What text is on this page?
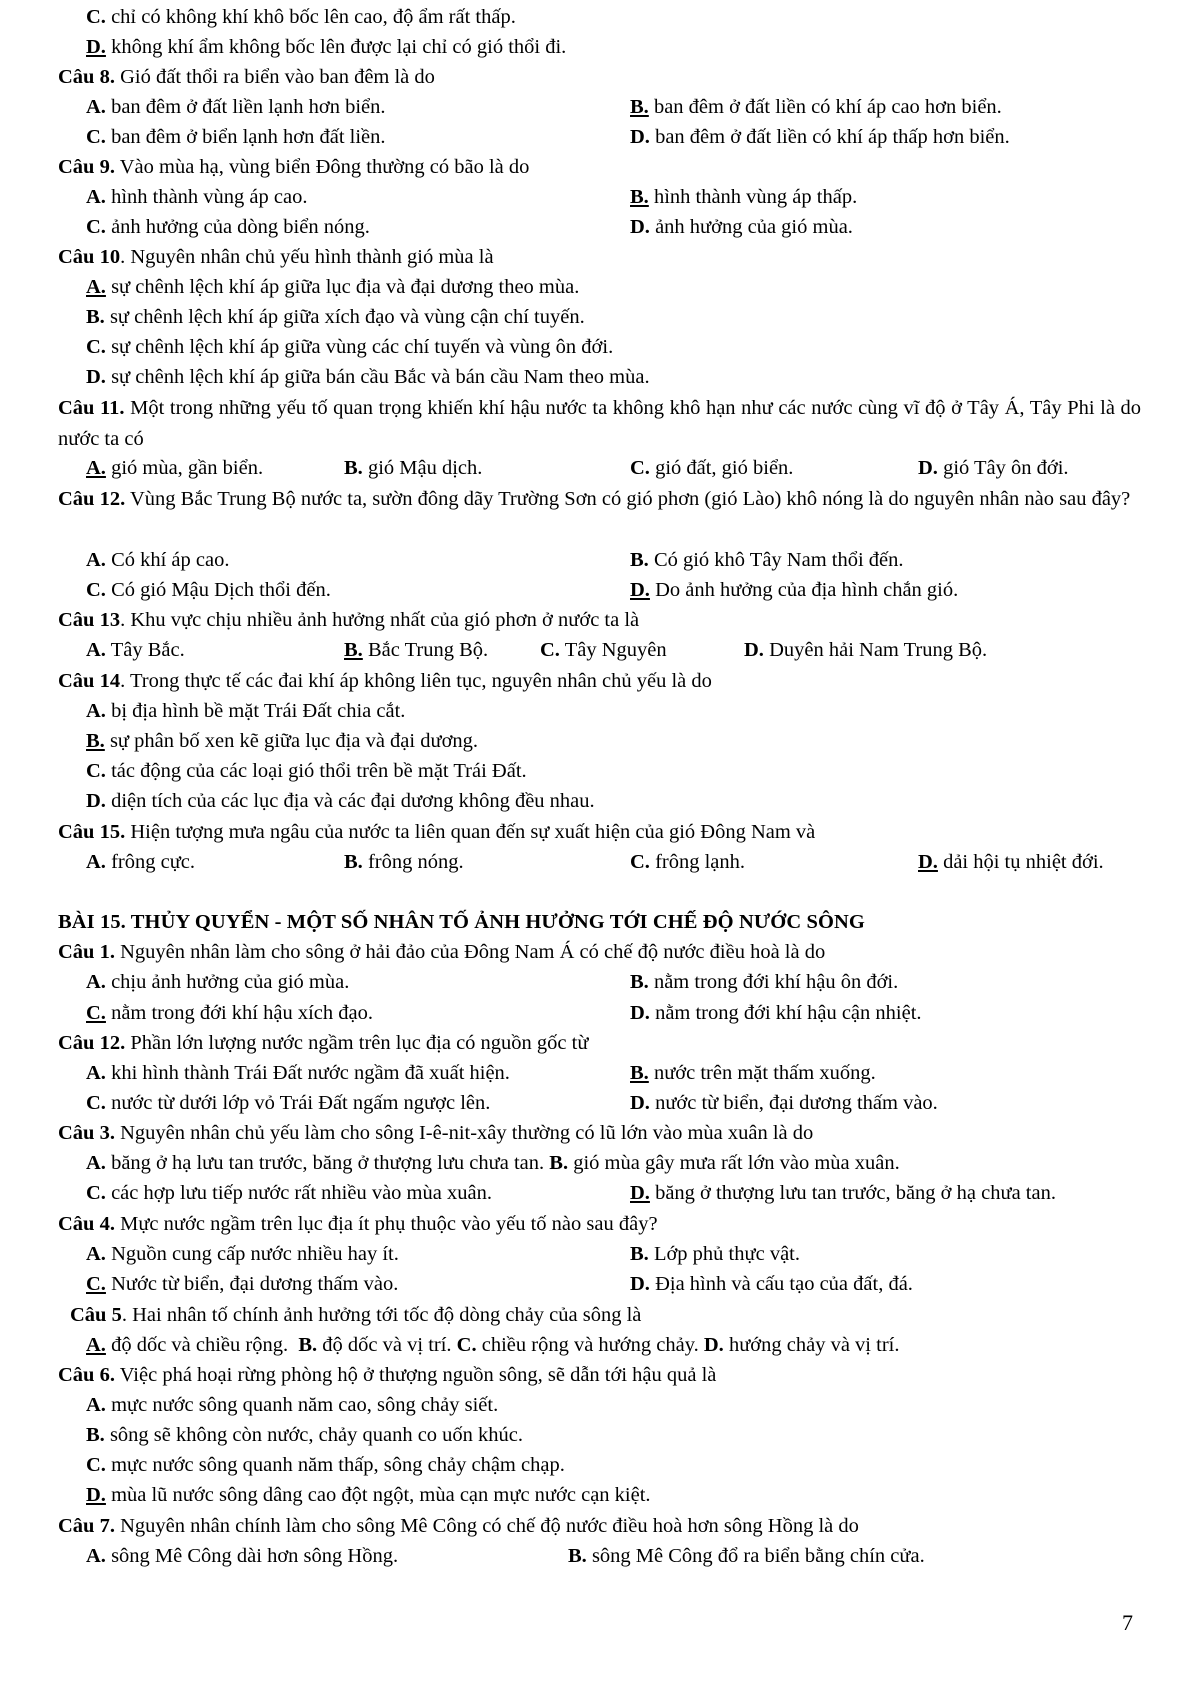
C. chỉ có không khí khô bốc lên cao, độ ẩm rất thấp.
D. không khí ẩm không bốc lên được lại chỉ có gió thổi đi.
Câu 8. Gió đất thổi ra biển vào ban đêm là do
A. ban đêm ở đất liền lạnh hơn biển.	B. ban đêm ở đất liền có khí áp cao hơn biển.
C. ban đêm ở biển lạnh hơn đất liền.	D. ban đêm ở đất liền có khí áp thấp hơn biển.
Câu 9. Vào mùa hạ, vùng biển Đông thường có bão là do
A. hình thành vùng áp cao.	B. hình thành vùng áp thấp.
C. ảnh hưởng của dòng biển nóng.	D. ảnh hưởng của gió mùa.
Câu 10. Nguyên nhân chủ yếu hình thành gió mùa là
A. sự chênh lệch khí áp giữa lục địa và đại dương theo mùa.
B. sự chênh lệch khí áp giữa xích đạo và vùng cận chí tuyến.
C. sự chênh lệch khí áp giữa vùng các chí tuyến và vùng ôn đới.
D. sự chênh lệch khí áp giữa bán cầu Bắc và bán cầu Nam theo mùa.
Câu 11. Một trong những yếu tố quan trọng khiến khí hậu nước ta không khô hạn như các nước cùng vĩ độ ở Tây Á, Tây Phi là do nước ta có
A. gió mùa, gần biển.	B. gió Mậu dịch.	C. gió đất, gió biển.	D. gió Tây ôn đới.
Câu 12. Vùng Bắc Trung Bộ nước ta, sườn đông dãy Trường Sơn có gió phơn (gió Lào) khô nóng là do nguyên nhân nào sau đây?
A. Có khí áp cao.	B. Có gió khô Tây Nam thổi đến.
C. Có gió Mậu Dịch thổi đến.	D. Do ảnh hưởng của địa hình chắn gió.
Câu 13. Khu vực chịu nhiều ảnh hưởng nhất của gió phơn ở nước ta là
A. Tây Bắc.	B. Bắc Trung Bộ.	C. Tây Nguyên	D. Duyên hải Nam Trung Bộ.
Câu 14. Trong thực tế các đai khí áp không liên tục, nguyên nhân chủ yếu là do
A. bị địa hình bề mặt Trái Đất chia cắt.
B. sự phân bố xen kẽ giữa lục địa và đại dương.
C. tác động của các loại gió thổi trên bề mặt Trái Đất.
D. diện tích của các lục địa và các đại dương không đều nhau.
Câu 15. Hiện tượng mưa ngâu của nước ta liên quan đến sự xuất hiện của gió Đông Nam và
A. frông cực.	B. frông nóng.	C. frông lạnh.	D. dải hội tụ nhiệt đới.
BÀI 15. THỦY QUYỂN - MỘT SỐ NHÂN TỐ ẢNH HƯỞNG TỚI CHẾ ĐỘ NƯỚC SÔNG
Câu 1. Nguyên nhân làm cho sông ở hải đảo của Đông Nam Á có chế độ nước điều hoà là do
A. chịu ảnh hưởng của gió mùa.	B. nằm trong đới khí hậu ôn đới.
C. nằm trong đới khí hậu xích đạo.	D. nằm trong đới khí hậu cận nhiệt.
Câu 12. Phần lớn lượng nước ngầm trên lục địa có nguồn gốc từ
A. khi hình thành Trái Đất nước ngầm đã xuất hiện.	B. nước trên mặt thấm xuống.
C. nước từ dưới lớp vỏ Trái Đất ngấm ngược lên.	D. nước từ biển, đại dương thấm vào.
Câu 3. Nguyên nhân chủ yếu làm cho sông I-ê-nit-xây thường có lũ lớn vào mùa xuân là do
A. băng ở hạ lưu tan trước, băng ở thượng lưu chưa tan. B. gió mùa gây mưa rất lớn vào mùa xuân.
C. các hợp lưu tiếp nước rất nhiều vào mùa xuân.	D. băng ở thượng lưu tan trước, băng ở hạ chưa tan.
Câu 4. Mực nước ngầm trên lục địa ít phụ thuộc vào yếu tố nào sau đây?
A. Nguồn cung cấp nước nhiều hay ít.	B. Lớp phủ thực vật.
C. Nước từ biển, đại dương thấm vào.	D. Địa hình và cấu tạo của đất, đá.
Câu 5. Hai nhân tố chính ảnh hưởng tới tốc độ dòng chảy của sông là
A. độ dốc và chiều rộng. B. độ dốc và vị trí. C. chiều rộng và hướng chảy. D. hướng chảy và vị trí.
Câu 6. Việc phá hoại rừng phòng hộ ở thượng nguồn sông, sẽ dẫn tới hậu quả là
A. mực nước sông quanh năm cao, sông chảy siết.
B. sông sẽ không còn nước, chảy quanh co uốn khúc.
C. mực nước sông quanh năm thấp, sông chảy chậm chạp.
D. mùa lũ nước sông dâng cao đột ngột, mùa cạn mực nước cạn kiệt.
Câu 7. Nguyên nhân chính làm cho sông Mê Công có chế độ nước điều hoà hơn sông Hồng là do
A. sông Mê Công dài hơn sông Hồng.	B. sông Mê Công đổ ra biển bằng chín cửa.
7
